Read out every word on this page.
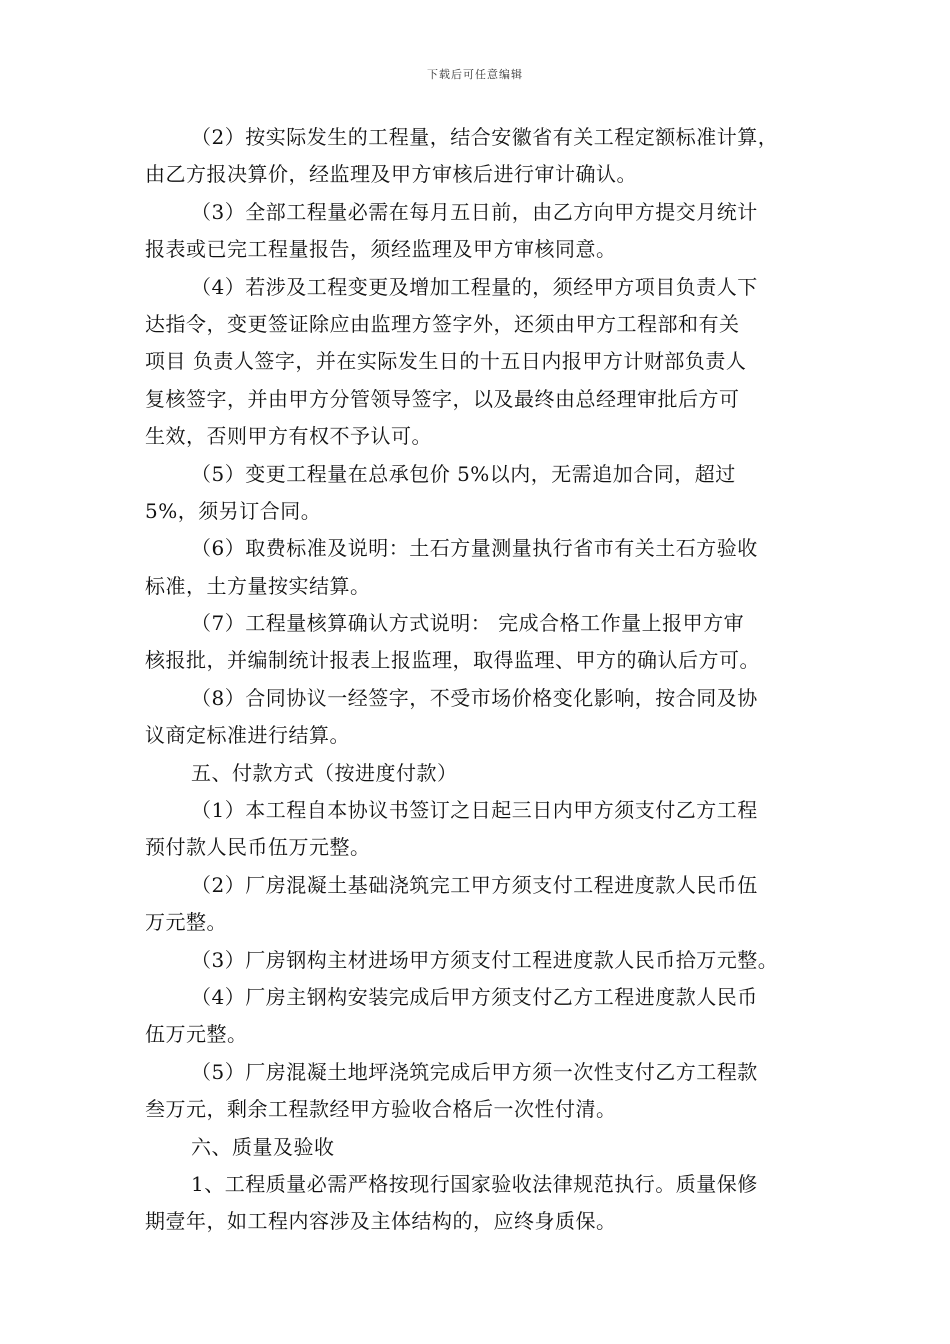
下载后可任意编辑
（2）按实际发生的工程量，结合安徽省有关工程定额标准计算，
由乙方报决算价，经监理及甲方审核后进行审计确认。
（3）全部工程量必需在每月五日前，由乙方向甲方提交月统计
报表或已完工程量报告，须经监理及甲方审核同意。
（4）若涉及工程变更及增加工程量的，须经甲方项目负责人下
达指令，变更签证除应由监理方签字外，还须由甲方工程部和有关
项目 负责人签字，并在实际发生日的十五日内报甲方计财部负责人
复核签字，并由甲方分管领导签字，以及最终由总经理审批后方可
生效，否则甲方有权不予认可。
（5）变更工程量在总承包价 5%以内，无需追加合同，超过
5%，须另订合同。
（6）取费标准及说明：土石方量测量执行省市有关土石方验收
标准，土方量按实结算。
（7）工程量核算确认方式说明： 完成合格工作量上报甲方审
核报批，并编制统计报表上报监理，取得监理、甲方的确认后方可。
（8）合同协议一经签字，不受市场价格变化影响，按合同及协
议商定标准进行结算。
五、付款方式（按进度付款）
（1）本工程自本协议书签订之日起三日内甲方须支付乙方工程
预付款人民币伍万元整。
（2）厂房混凝土基础浇筑完工甲方须支付工程进度款人民币伍
万元整。
（3）厂房钢构主材进场甲方须支付工程进度款人民币拾万元整。
（4）厂房主钢构安装完成后甲方须支付乙方工程进度款人民币
伍万元整。
（5）厂房混凝土地坪浇筑完成后甲方须一次性支付乙方工程款
叁万元，剩余工程款经甲方验收合格后一次性付清。
六、质量及验收
1、工程质量必需严格按现行国家验收法律规范执行。质量保修
期壹年，如工程内容涉及主体结构的，应终身质保。
